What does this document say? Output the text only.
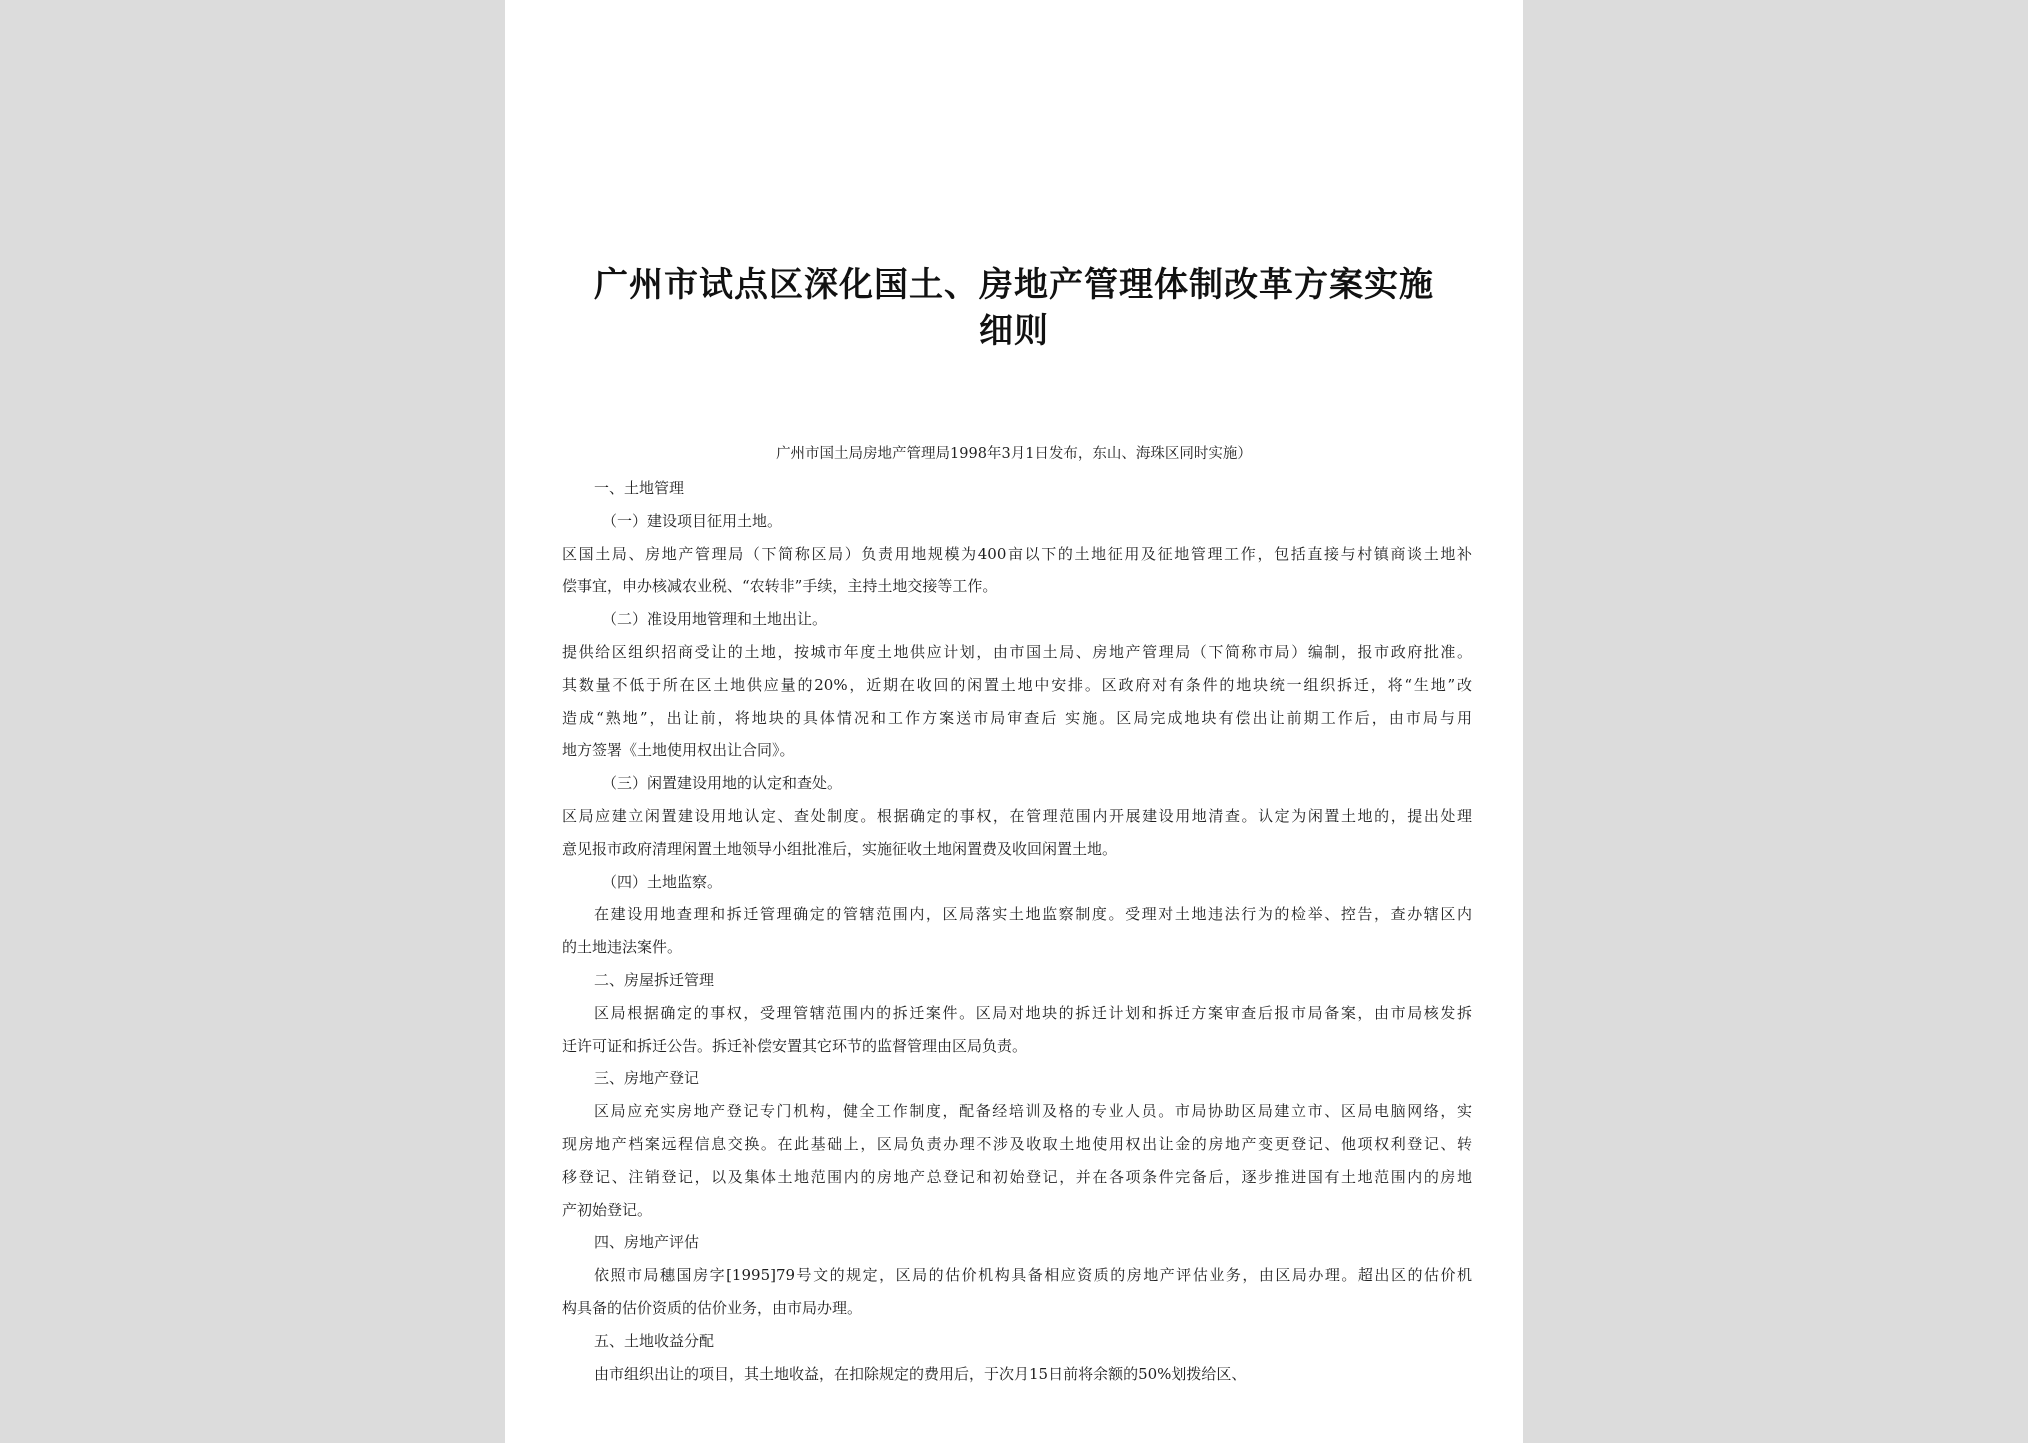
广州市试点区深化国土、房地产管理体制改革方案实施
细则
广州市国土局房地产管理局1998年3月1日发布，东山、海珠区同时实施）
一、土地管理
（一）建设项目征用土地。
区国土局、房地产管理局（下简称区局）负责用地规模为400亩以下的土地征用及征地管理工作，包括直接与村镇商谈土地补
偿事宜，申办核减农业税、“农转非”手续，主持土地交接等工作。
（二）准设用地管理和土地出让。
提供给区组织招商受让的土地，按城市年度土地供应计划，由市国土局、房地产管理局（下简称市局）编制，报市政府批准。
其数量不低于所在区土地供应量的20%，近期在收回的闲置土地中安排。区政府对有条件的地块统一组织拆迁，将“生地”改
造成“熟地”，出让前，将地块的具体情况和工作方案送市局审查后 实施。区局完成地块有偿出让前期工作后，由市局与用
地方签署《土地使用权出让合同》。
（三）闲置建设用地的认定和查处。
区局应建立闲置建设用地认定、查处制度。根据确定的事权，在管理范围内开展建设用地清查。认定为闲置土地的，提出处理
意见报市政府清理闲置土地领导小组批准后，实施征收土地闲置费及收回闲置土地。
（四）土地监察。
在建设用地查理和拆迁管理确定的管辖范围内，区局落实土地监察制度。受理对土地违法行为的检举、控告，查办辖区内
的土地违法案件。
二、房屋拆迁管理
区局根据确定的事权，受理管辖范围内的拆迁案件。区局对地块的拆迁计划和拆迁方案审查后报市局备案，由市局核发拆
迁许可证和拆迁公告。拆迁补偿安置其它环节的监督管理由区局负责。
三、房地产登记
区局应充实房地产登记专门机构，健全工作制度，配备经培训及格的专业人员。市局协助区局建立市、区局电脑网络，实
现房地产档案远程信息交换。在此基础上，区局负责办理不涉及收取土地使用权出让金的房地产变更登记、他项权利登记、转
移登记、注销登记，以及集体土地范围内的房地产总登记和初始登记，并在各项条件完备后，逐步推进国有土地范围内的房地
产初始登记。
四、房地产评估
依照市局穗国房字[1995]79号文的规定，区局的估价机构具备相应资质的房地产评估业务，由区局办理。超出区的估价机
构具备的估价资质的估价业务，由市局办理。
五、土地收益分配
由市组织出让的项目，其土地收益，在扣除规定的费用后，于次月15日前将余额的50%划拨给区、
